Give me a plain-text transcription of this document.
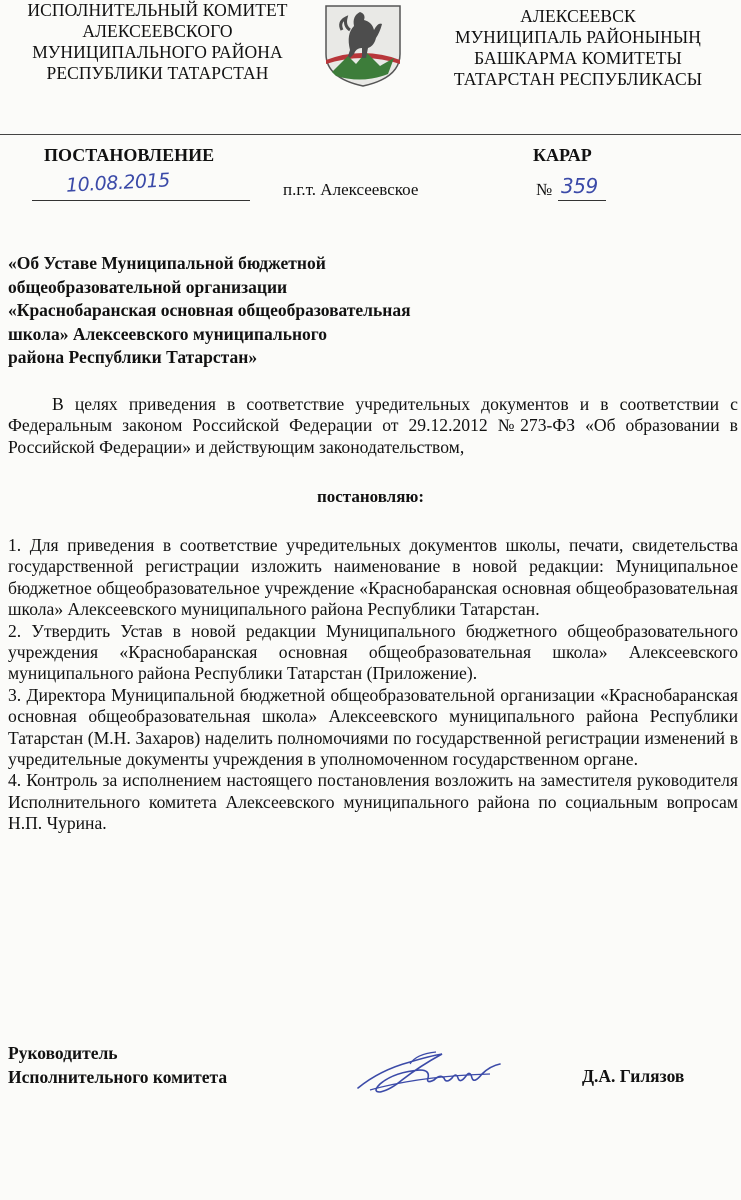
ИСПОЛНИТЕЛЬНЫЙ КОМИТЕТ
АЛЕКСЕЕВСКОГО
МУНИЦИПАЛЬНОГО РАЙОНА
РЕСПУБЛИКИ ТАТАРСТАН
АЛЕКСЕЕВСК
МУНИЦИПАЛЬ РАЙОНЫНЫҢ
БАШКАРМА КОМИТЕТЫ
ТАТАРСТАН РЕСПУБЛИКАСЫ
ПОСТАНОВЛЕНИЕ	КАРАР
10.08.2015	п.г.т. Алексеевское	№ 359
«Об Уставе Муниципальной бюджетной
общеобразовательной организации
«Краснобаранская основная общеобразовательная
школа» Алексеевского муниципального
района Республики Татарстан»
В целях приведения в соответствие учредительных документов и в соответствии с Федеральным законом Российской Федерации от 29.12.2012 №273-ФЗ «Об образовании в Российской Федерации» и действующим законодательством,
постановляю:

1. Для приведения в соответствие учредительных документов школы, печати, свидетельства государственной регистрации изложить наименование в новой редакции: Муниципальное бюджетное общеобразовательное учреждение «Краснобаранская основная общеобразовательная школа» Алексеевского муниципального района Республики Татарстан.

2. Утвердить Устав в новой редакции Муниципального бюджетного общеобразовательного учреждения «Краснобаранская основная общеобразовательная школа» Алексеевского муниципального района Республики Татарстан (Приложение).

3. Директора Муниципальной бюджетной общеобразовательной организации «Краснобаранская основная общеобразовательная школа» Алексеевского муниципального района Республики Татарстан (М.Н. Захаров) наделить полномочиями по государственной регистрации изменений в учредительные документы учреждения в уполномоченном государственном органе.

4. Контроль за исполнением настоящего постановления возложить на заместителя руководителя Исполнительного комитета Алексеевского муниципального района по социальным вопросам Н.П. Чурина.

Руководитель
Исполнительного комитета	Д.А. Гилязов
